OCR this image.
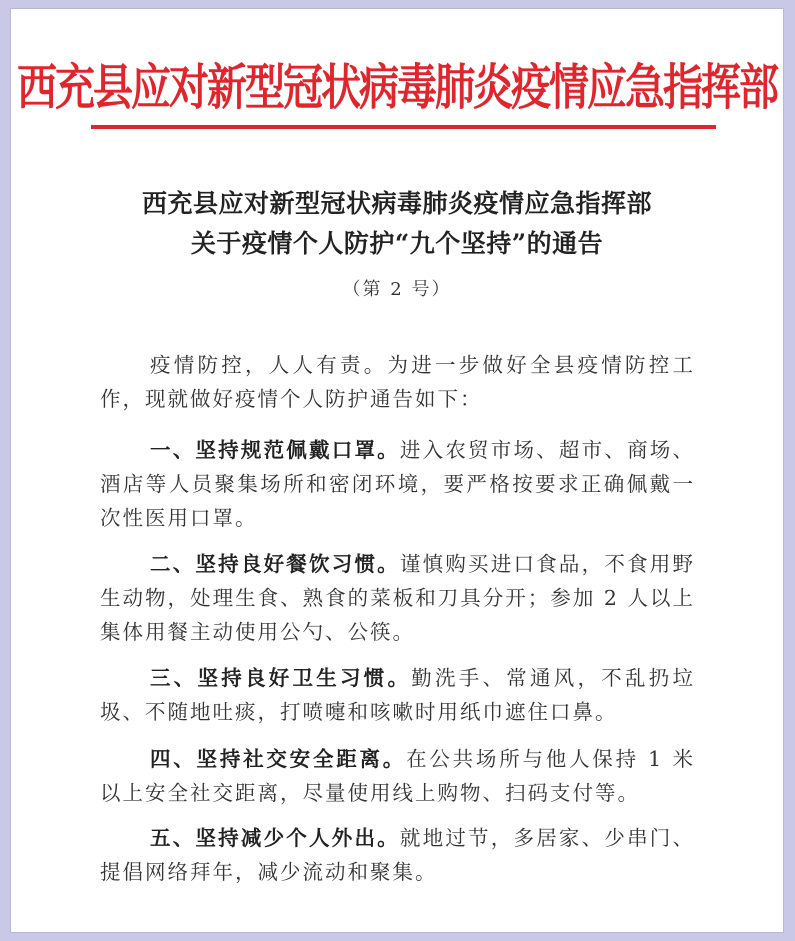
西充县应对新型冠状病毒肺炎疫情应急指挥部
西充县应对新型冠状病毒肺炎疫情应急指挥部
关于疫情个人防护“九个坚持”的通告
（第 2 号）
疫情防控，人人有责。为进一步做好全县疫情防控工作，现就做好疫情个人防护通告如下：
一、坚持规范佩戴口罩。进入农贸市场、超市、商场、酒店等人员聚集场所和密闭环境，要严格按要求正确佩戴一次性医用口罩。
二、坚持良好餐饮习惯。谨慎购买进口食品，不食用野生动物，处理生食、熟食的菜板和刀具分开；参加 2 人以上集体用餐主动使用公勺、公筷。
三、坚持良好卫生习惯。勤洗手、常通风，不乱扔垃圾、不随地吐痰，打喷嚏和咳嗽时用纸巾遮住口鼻。
四、坚持社交安全距离。在公共场所与他人保持 1 米以上安全社交距离，尽量使用线上购物、扫码支付等。
五、坚持减少个人外出。就地过节，多居家、少串门、提倡网络拜年，减少流动和聚集。
